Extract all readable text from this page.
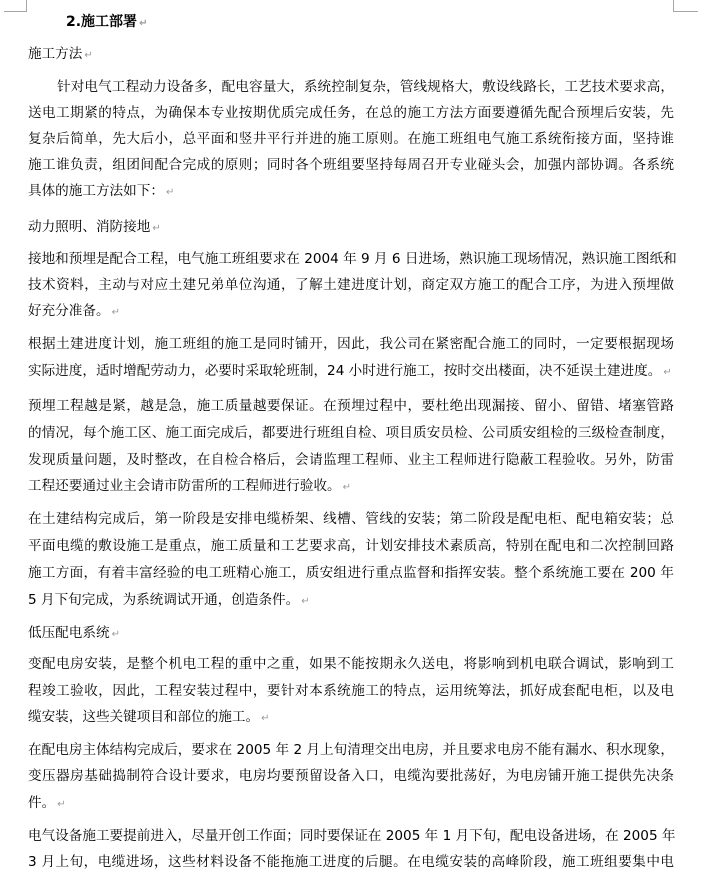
2.施工部署 ↵
施工方法 ↵
针对电气工程动力设备多，配电容量大，系统控制复杂，管线规格大，敷设线路长，工艺技术要求高，
送电工期紧的特点，为确保本专业按期优质完成任务，在总的施工方法方面要遵循先配合预埋后安装，先
复杂后简单，先大后小，总平面和竖井平行并进的施工原则。在施工班组电气施工系统衔接方面，坚持谁
施工谁负责，组团间配合完成的原则；同时各个班组要坚持每周召开专业碰头会，加强内部协调。各系统
具体的施工方法如下： ↵
动力照明、消防接地 ↵
接地和预埋是配合工程，电气施工班组要求在 2004 年 9 月 6 日进场，熟识施工现场情况，熟识施工图纸和
技术资料，主动与对应土建兄弟单位沟通，了解土建进度计划，商定双方施工的配合工序，为进入预埋做
好充分准备。 ↵
根据土建进度计划，施工班组的施工是同时铺开，因此，我公司在紧密配合施工的同时，一定要根据现场
实际进度，适时增配劳动力，必要时采取轮班制，24 小时进行施工，按时交出楼面，决不延误土建进度。 ↵
预埋工程越是紧，越是急，施工质量越要保证。在预埋过程中，要杜绝出现漏接、留小、留错、堵塞管路
的情况，每个施工区、施工面完成后，都要进行班组自检、项目质安员检、公司质安组检的三级检查制度，
发现质量问题，及时整改，在自检合格后，会请监理工程师、业主工程师进行隐蔽工程验收。另外，防雷
工程还要通过业主会请市防雷所的工程师进行验收。 ↵
在土建结构完成后，第一阶段是安排电缆桥架、线槽、管线的安装；第二阶段是配电柜、配电箱安装；总
平面电缆的敷设施工是重点，施工质量和工艺要求高，计划安排技术素质高，特别在配电和二次控制回路
施工方面，有着丰富经验的电工班精心施工，质安组进行重点监督和指挥安装。整个系统施工要在 200 年
5 月下旬完成，为系统调试开通，创造条件。 ↵
低压配电系统 ↵
变配电房安装，是整个机电工程的重中之重，如果不能按期永久送电，将影响到机电联合调试，影响到工
程竣工验收，因此，工程安装过程中，要针对本系统施工的特点，运用统筹法，抓好成套配电柜，以及电
缆安装，这些关键项目和部位的施工。 ↵
在配电房主体结构完成后，要求在 2005 年 2 月上旬清理交出电房，并且要求电房不能有漏水、积水现象，
变压器房基础捣制符合设计要求，电房均要预留设备入口，电缆沟要批荡好，为电房铺开施工提供先决条
件。 ↵
电气设备施工要提前进入，尽量开创工作面；同时要保证在 2005 年 1 月下旬，配电设备进场，在 2005 年
3 月上旬，电缆进场，这些材料设备不能拖施工进度的后腿。在电缆安装的高峰阶段，施工班组要集中电
